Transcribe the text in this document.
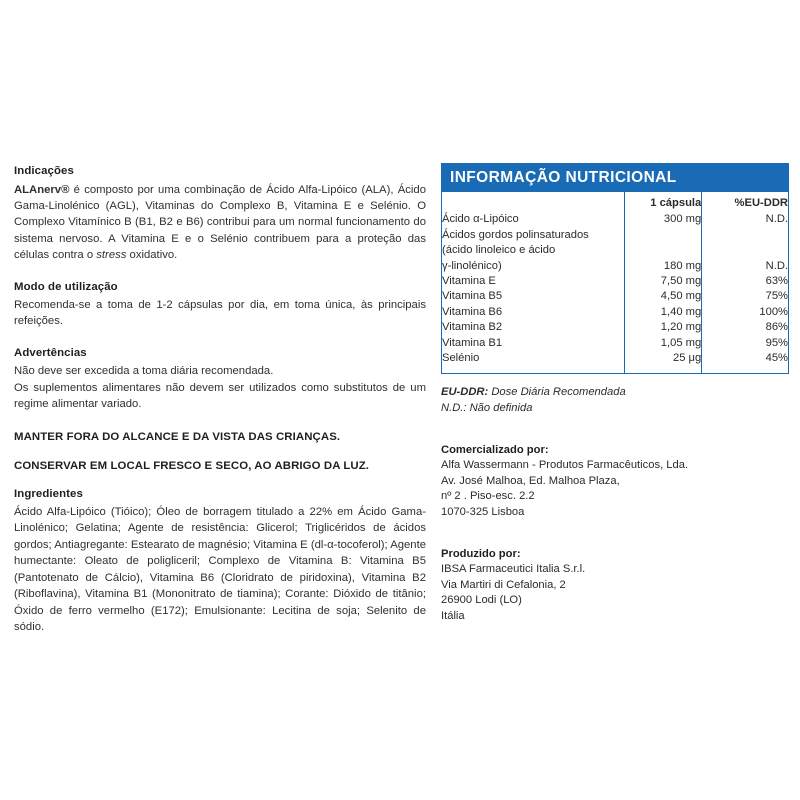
Indicações

ALAnerv® é composto por uma combinação de Ácido Alfa-Lipóico (ALA), Ácido Gama-Linolénico (AGL), Vitaminas do Complexo B, Vitamina E e Selénio. O Complexo Vitamínico B (B1, B2 e B6) contribui para um normal funcionamento do sistema nervoso. A Vitamina E e o Selénio contribuem para a proteção das células contra o stress oxidativo.

Modo de utilização

Recomenda-se a toma de 1-2 cápsulas por dia, em toma única, às principais refeições.

Advertências

Não deve ser excedida a toma diária recomendada.

Os suplementos alimentares não devem ser utilizados como substitutos de um regime alimentar variado.

MANTER FORA DO ALCANCE E DA VISTA DAS CRIANÇAS.

CONSERVAR EM LOCAL FRESCO E SECO, AO ABRIGO DA LUZ.

Ingredientes

Ácido Alfa-Lipóico (Tióico); Óleo de borragem titulado a 22% em Ácido Gama-Linolénico; Gelatina; Agente de resistência: Glicerol; Triglicéridos de ácidos gordos; Antiagregante: Estearato de magnésio; Vitamina E (dl-α-tocoferol); Agente humectante: Oleato de poligliceril; Complexo de Vitamina B: Vitamina B5 (Pantotenato de Cálcio), Vitamina B6 (Cloridrato de piridoxina), Vitamina B2 (Riboflavina), Vitamina B1 (Mononitrato de tiamina); Corante: Dióxido de titânio; Óxido de ferro vermelho (E172); Emulsionante: Lecitina de soja; Selenito de sódio.

INFORMAÇÃO NUTRICIONAL
	1 cápsula	%EU-DDR
Ácido α-Lipóico	300 mg	N.D.
Ácidos gordos polinsaturados		
(ácido linoleico e ácido		
γ-linolénico)	180 mg	N.D.
Vitamina E	7,50 mg	63%
Vitamina B5	4,50 mg	75%
Vitamina B6	1,40 mg	100%
Vitamina B2	1,20 mg	86%
Vitamina B1	1,05 mg	95%
Selénio	25 μg	45%

EU-DDR: Dose Diária Recomendada
N.D.: Não definida
Comercializado por:
Alfa Wassermann - Produtos Farmacêuticos, Lda.
Av. José Malhoa, Ed. Malhoa Plaza,
nº 2 . Piso-esc. 2.2
1070-325 Lisboa
Produzido por:
IBSA Farmaceutici Italia S.r.l.
Via Martiri di Cefalonia, 2
26900 Lodi (LO)
Itália
